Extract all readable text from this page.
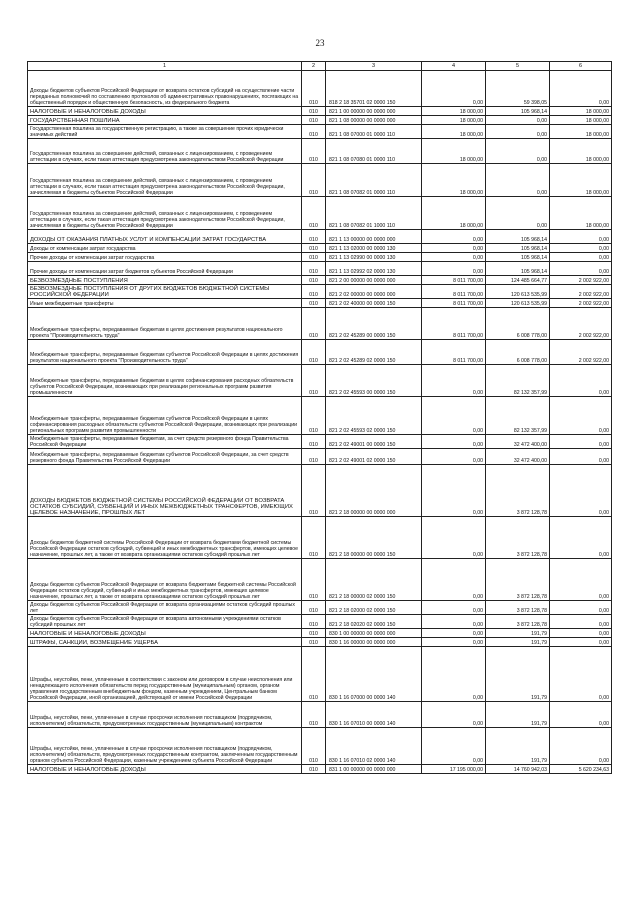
23
1	2	3	4	5	6
Доходы бюджетов субъектов Российской Федерации от возврата остатков субсидий на осуществление части переданных полномочий по составлению протоколов об административных правонарушениях, посягающих на общественный порядок и общественную безопасность, из федерального бюджета	010	818 2 18 35701 02 0000 150	0,00	59 398,05	0,00
НАЛОГОВЫЕ И НЕНАЛОГОВЫЕ ДОХОДЫ	010	821 1 00 00000 00 0000 000	18 000,00	105 968,14	18 000,00
ГОСУДАРСТВЕННАЯ ПОШЛИНА	010	821 1 08 00000 00 0000 000	18 000,00	0,00	18 000,00
Государственная пошлина за государственную регистрацию, а также за совершение прочих юридически значимых действий	010	821 1 08 07000 01 0000 110	18 000,00	0,00	18 000,00
Государственная пошлина за совершение действий, связанных с лицензированием, с проведением аттестации в случаях, если такая аттестация предусмотрена законодательством Российской Федерации	010	821 1 08 07080 01 0000 110	18 000,00	0,00	18 000,00
Государственная пошлина за совершение действий, связанных с лицензированием, с проведением аттестации в случаях, если такая аттестация предусмотрена законодательством Российской Федерации, зачисляемая в бюджеты субъектов Российской Федерации	010	821 1 08 07082 01 0000 110	18 000,00	0,00	18 000,00
Государственная пошлина за совершение действий, связанных с лицензированием, с проведением аттестации в случаях, если такая аттестация предусмотрена законодательством Российской Федерации, зачисляемая в бюджеты субъектов Российской Федерации	010	821 1 08 07082 01 1000 110	18 000,00	0,00	18 000,00
ДОХОДЫ ОТ ОКАЗАНИЯ ПЛАТНЫХ УСЛУГ И КОМПЕНСАЦИИ ЗАТРАТ ГОСУДАРСТВА	010	821 1 13 00000 00 0000 000	0,00	105 968,14	0,00
Доходы от компенсации затрат государства	010	821 1 13 02000 00 0000 130	0,00	105 968,14	0,00
Прочие доходы от компенсации затрат государства	010	821 1 13 02990 00 0000 130	0,00	105 968,14	0,00
Прочие доходы от компенсации затрат бюджетов субъектов Российской Федерации	010	821 1 13 02992 02 0000 130	0,00	105 968,14	0,00
БЕЗВОЗМЕЗДНЫЕ ПОСТУПЛЕНИЯ	010	821 2 00 00000 00 0000 000	8 011 700,00	124 485 664,77	2 002 922,00
БЕЗВОЗМЕЗДНЫЕ ПОСТУПЛЕНИЯ ОТ ДРУГИХ БЮДЖЕТОВ БЮДЖЕТНОЙ СИСТЕМЫ РОССИЙСКОЙ ФЕДЕРАЦИИ	010	821 2 02 00000 00 0000 000	8 011 700,00	120 613 535,99	2 002 922,00
Иные межбюджетные трансферты	010	821 2 02 40000 00 0000 150	8 011 700,00	120 613 535,99	2 002 922,00
Межбюджетные трансферты, передаваемые бюджетам в целях достижения результатов национального проекта "Производительность труда"	010	821 2 02 45289 00 0000 150	8 011 700,00	6 008 778,00	2 002 922,00
Межбюджетные трансферты, передаваемые бюджетам субъектов Российской Федерации в целях достижения результатов национального проекта "Производительность труда"	010	821 2 02 45289 02 0000 150	8 011 700,00	6 008 778,00	2 002 922,00
Межбюджетные трансферты, передаваемые бюджетам в целях софинансирования расходных обязательств субъектов Российской Федерации, возникающих при реализации региональных программ развития промышленности	010	821 2 02 45593 00 0000 150	0,00	82 132 357,99	0,00
Межбюджетные трансферты, передаваемые бюджетам субъектов Российской Федерации в целях софинансирования расходных обязательств субъектов Российской Федерации, возникающих при реализации региональных программ развития промышленности	010	821 2 02 45593 02 0000 150	0,00	82 132 357,99	0,00
Межбюджетные трансферты, передаваемые бюджетам, за счет средств резервного фонда Правительства Российской Федерации	010	821 2 02 49001 00 0000 150	0,00	32 472 400,00	0,00
Межбюджетные трансферты, передаваемые бюджетам субъектов Российской Федерации, за счет средств резервного фонда Правительства Российской Федерации	010	821 2 02 49001 02 0000 150	0,00	32 472 400,00	0,00
ДОХОДЫ БЮДЖЕТОВ БЮДЖЕТНОЙ СИСТЕМЫ РОССИЙСКОЙ ФЕДЕРАЦИИ ОТ ВОЗВРАТА ОСТАТКОВ СУБСИДИЙ, СУБВЕНЦИЙ И ИНЫХ МЕЖБЮДЖЕТНЫХ ТРАНСФЕРТОВ, ИМЕЮЩИХ ЦЕЛЕВОЕ НАЗНАЧЕНИЕ, ПРОШЛЫХ ЛЕТ	010	821 2 18 00000 00 0000 000	0,00	3 872 128,78	0,00
Доходы бюджетов бюджетной системы Российской Федерации от возврата бюджетами бюджетной системы Российской Федерации остатков субсидий, субвенций и иных межбюджетных трансфертов, имеющих целевое назначение, прошлых лет, а также от возврата организациями остатков субсидий прошлых лет	010	821 2 18 00000 00 0000 150	0,00	3 872 128,78	0,00
Доходы бюджетов субъектов Российской Федерации от возврата бюджетами бюджетной системы Российской Федерации остатков субсидий, субвенций и иных межбюджетных трансфертов, имеющих целевое назначение, прошлых лет, а также от возврата организациями остатков субсидий прошлых лет	010	821 2 18 00000 02 0000 150	0,00	3 872 128,78	0,00
Доходы бюджетов субъектов Российской Федерации от возврата организациями остатков субсидий прошлых лет	010	821 2 18 02000 02 0000 150	0,00	3 872 128,78	0,00
Доходы бюджетов субъектов Российской Федерации от возврата автономными учреждениями остатков субсидий прошлых лет	010	821 2 18 02020 02 0000 150	0,00	3 872 128,78	0,00
НАЛОГОВЫЕ И НЕНАЛОГОВЫЕ ДОХОДЫ	010	830 1 00 00000 00 0000 000	0,00	191,79	0,00
ШТРАФЫ, САНКЦИИ, ВОЗМЕЩЕНИЕ УЩЕРБА	010	830 1 16 00000 00 0000 000	0,00	191,79	0,00
Штрафы, неустойки, пени, уплаченные в соответствии с законом или договором в случае неисполнения или ненадлежащего исполнения обязательств перед государственным (муниципальным) органом, органом управления государственным внебюджетным фондом, казенным учреждением, Центральным банком Российской Федерации, иной организацией, действующей от имени Российской Федерации	010	830 1 16 07000 00 0000 140	0,00	191,79	0,00
Штрафы, неустойки, пени, уплаченные в случае просрочки исполнения поставщиком (подрядчиком, исполнителем) обязательств, предусмотренных государственным (муниципальным) контрактом	010	830 1 16 07010 00 0000 140	0,00	191,79	0,00
Штрафы, неустойки, пени, уплаченные в случае просрочки исполнения поставщиком (подрядчиком, исполнителем) обязательств, предусмотренных государственным контрактом, заключенным государственным органом субъекта Российской Федерации, казенным учреждением субъекта Российской Федерации	010	830 1 16 07010 02 0000 140	0,00	191,79	0,00
НАЛОГОВЫЕ И НЕНАЛОГОВЫЕ ДОХОДЫ	010	831 1 00 00000 00 0000 000	17 195 000,00	14 760 942,03	5 620 234,63
